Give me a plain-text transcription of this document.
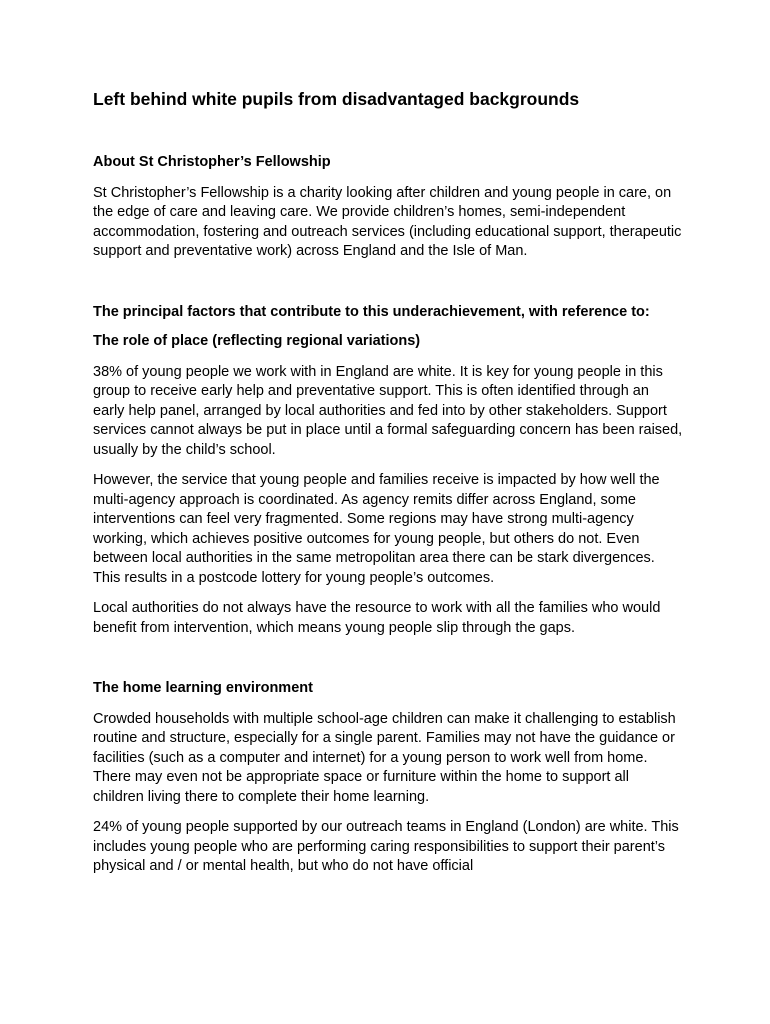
Left behind white pupils from disadvantaged backgrounds
About St Christopher’s Fellowship

St Christopher’s Fellowship is a charity looking after children and young people in care, on the edge of care and leaving care. We provide children’s homes, semi-independent accommodation, fostering and outreach services (including educational support, therapeutic support and preventative work) across England and the Isle of Man.

The principal factors that contribute to this underachievement, with reference to:
The role of place (reflecting regional variations)

38% of young people we work with in England are white. It is key for young people in this group to receive early help and preventative support. This is often identified through an early help panel, arranged by local authorities and fed into by other stakeholders. Support services cannot always be put in place until a formal safeguarding concern has been raised, usually by the child’s school.

However, the service that young people and families receive is impacted by how well the multi-agency approach is coordinated. As agency remits differ across England, some interventions can feel very fragmented. Some regions may have strong multi-agency working, which achieves positive outcomes for young people, but others do not. Even between local authorities in the same metropolitan area there can be stark divergences. This results in a postcode lottery for young people’s outcomes.

Local authorities do not always have the resource to work with all the families who would benefit from intervention, which means young people slip through the gaps.

The home learning environment

Crowded households with multiple school-age children can make it challenging to establish routine and structure, especially for a single parent. Families may not have the guidance or facilities (such as a computer and internet) for a young person to work well from home. There may even not be appropriate space or furniture within the home to support all children living there to complete their home learning.

24% of young people supported by our outreach teams in England (London) are white. This includes young people who are performing caring responsibilities to support their parent’s physical and / or mental health, but who do not have official
